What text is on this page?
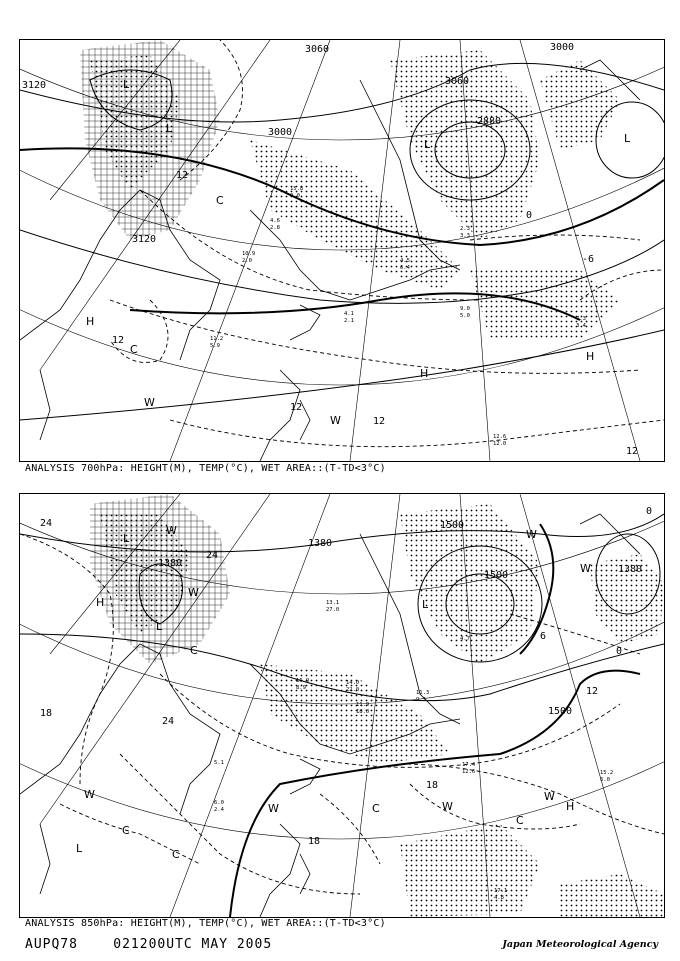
3120
3060
3000
3060
2880
3000
3120
12
12
12
12
12
0
-6
L
L
L	L
H
H
H
C
W
C
W
4.6
2.8
10.9
2.0
9.0
5.0	7.3
3.4
12.6
12.0
11.2
5.9
15.8
0.0
2.3
3.3
4.1
2.1
4.5
6.4
ANALYSIS 700hPa: HEIGHT(M), TEMP(°C), WET AREA::(T-TD<3°C)
1500
1380
1500
1380
1380
1500
24
24
18
24
18
18
12
0
6
0
L
W
H
W
L
C
C
W
W	C	W
C
W
H
L	C
L
W
W
17.4
12.6	15.2
6.0
17.1
4.8
14.0
22.0
11.9
18.0
6.0
2.4
5.1
16.9
8.9
13.1
27.0
11.3
9.2
4.7
ANALYSIS 850hPa: HEIGHT(M), TEMP(°C), WET AREA::(T-TD<3°C)
AUPQ78	021200UTC MAY 2005	Japan Meteorological Agency
